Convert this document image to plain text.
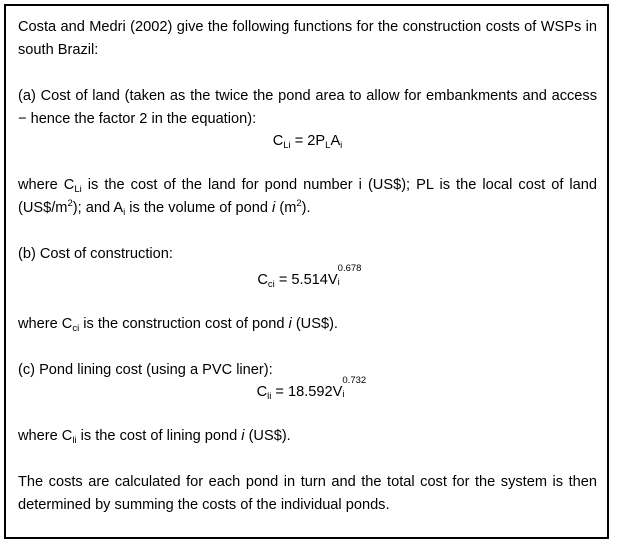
Costa and Medri (2002) give the following functions for the construction costs of WSPs in south Brazil:

(a) Cost of land (taken as the twice the pond area to allow for embankments and access − hence the factor 2 in the equation):

$C_{Li} = 2P_LA_i$

where $C_{Li}$ is the cost of the land for pond number i (US$); PL is the local cost of land $(US\$/m^2)$; and $A_i$ is the volume of pond i $(m^2)$.

(b) Cost of construction:

$C_{ci} = 5.514V$
0.678
i

where $C_{ci}$ is the construction cost of pond i (US$).

(c) Pond lining cost (using a PVC liner):

$C_{li} = 18.592V$
0.732
i

where $C_{li}$ is the cost of lining pond i (US$).

The costs are calculated for each pond in turn and the total cost for the system is then determined by summing the costs of the individual ponds.
